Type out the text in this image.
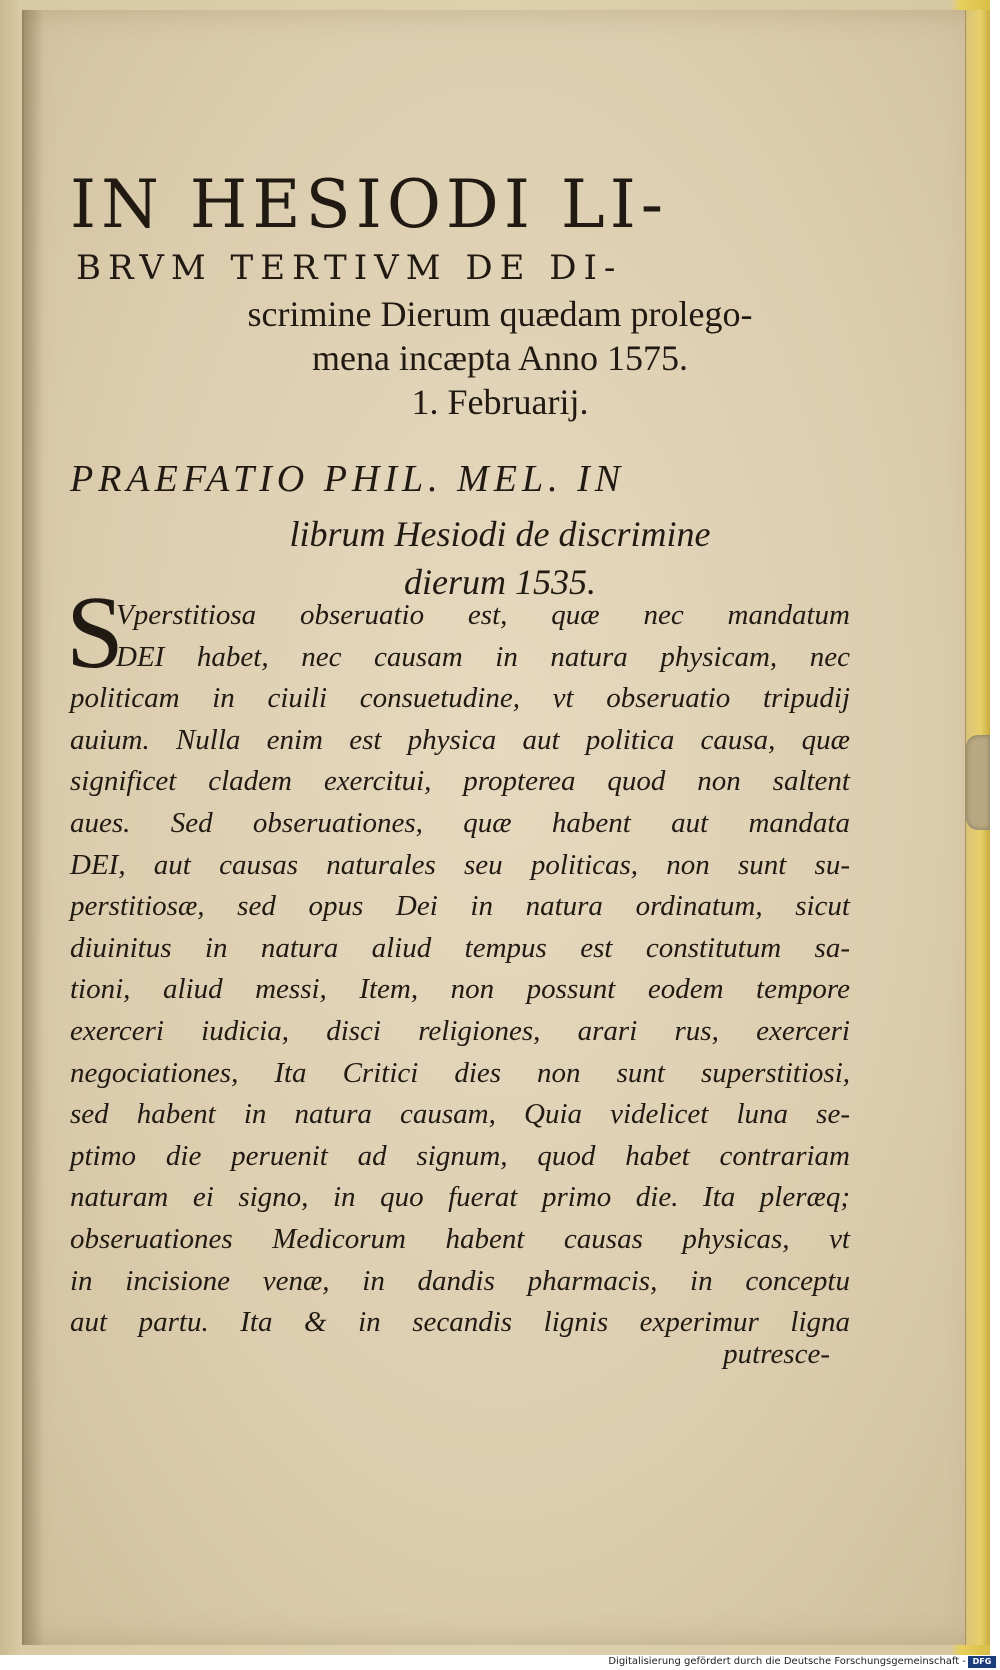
IN HESIODI LI-
BRVM TERTIVM DE DI-
scrimine Dierum quædam prolego-
mena incæpta Anno 1575.
1. Februarij.
PRAEFATIO PHIL. MEL. IN
librum Hesiodi de discrimine
dierum 1535.
S
Vperstitiosa obseruatio est, quæ nec mandatum
DEI habet, nec causam in natura physicam, nec
politicam in ciuili consuetudine, vt obseruatio tripudij
auium. Nulla enim est physica aut politica causa, quæ
significet cladem exercitui, propterea quod non saltent
aues. Sed obseruationes, quæ habent aut mandata
DEI, aut causas naturales seu politicas, non sunt su-
perstitiosæ, sed opus Dei in natura ordinatum, sicut
diuinitus in natura aliud tempus est constitutum sa-
tioni, aliud messi, Item, non possunt eodem tempore
exerceri iudicia, disci religiones, arari rus, exerceri
negociationes, Ita Critici dies non sunt superstitiosi,
sed habent in natura causam, Quia videlicet luna se-
ptimo die peruenit ad signum, quod habet contrariam
naturam ei signo, in quo fuerat primo die. Ita pleræq;
obseruationes Medicorum habent causas physicas, vt
in incisione venæ, in dandis pharmacis, in conceptu
aut partu. Ita & in secandis lignis experimur ligna
putresce-
Digitalisierung gefördert durch die Deutsche Forschungsgemeinschaft - DFG
